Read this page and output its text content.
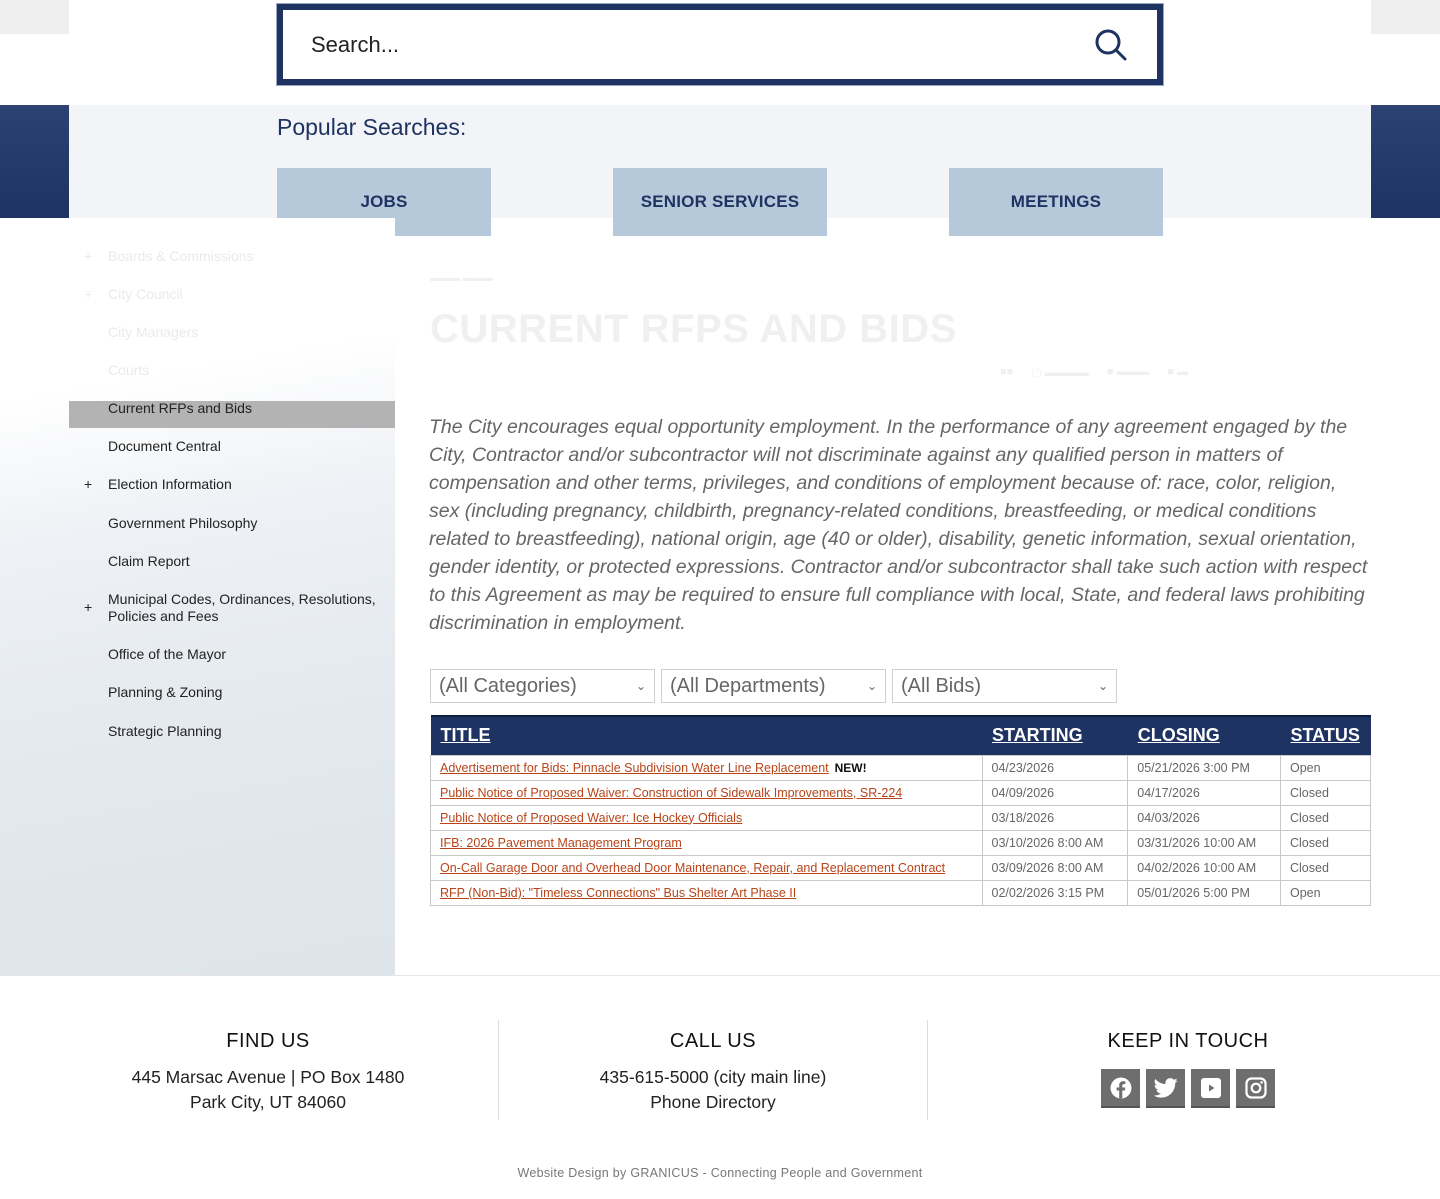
Search...
Popular Searches:
JOBS	SENIOR SERVICES	MEETINGS
+ Boards & Commissions
+ City Council
City Managers
Courts
Current RFPs and Bids
Document Central
+ Election Information
Government Philosophy
Claim Report
+ Municipal Codes, Ordinances, Resolutions,
Policies and Fees
Office of the Mayor
Planning & Zoning
Strategic Planning
▬▬▬ ▬▬▬
CURRENT RFPS AND BIDS
■■ ▢ ▬▬▬▬ ■ ▬▬▬ ■ ▬

The City encourages equal opportunity employment. In the performance of any agreement engaged by the City, Contractor and/or subcontractor will not discriminate against any qualified person in matters of compensation and other terms, privileges, and conditions of employment because of: race, color, religion, sex (including pregnancy, childbirth, pregnancy-related conditions, breastfeeding, or medical conditions related to breastfeeding), national origin, age (40 or older), disability, genetic information, sexual orientation, gender identity, or protected expressions. Contractor and/or subcontractor shall take such action with respect to this Agreement as may be required to ensure full compliance with local, State, and federal laws prohibiting discrimination in employment.

(All Categories)	⌄ (All Departments)	⌄ (All Bids)	⌄
TITLE	STARTING	CLOSING	STATUS
Advertisement for Bids: Pinnacle Subdivision Water Line Replacement NEW!	04/23/2026	05/21/2026 3:00 PM	Open
Public Notice of Proposed Waiver: Construction of Sidewalk Improvements, SR-224	04/09/2026	04/17/2026	Closed
Public Notice of Proposed Waiver: Ice Hockey Officials	03/18/2026	04/03/2026	Closed
IFB: 2026 Pavement Management Program	03/10/2026 8:00 AM	03/31/2026 10:00 AM	Closed
On-Call Garage Door and Overhead Door Maintenance, Repair, and Replacement Contract	03/09/2026 8:00 AM	04/02/2026 10:00 AM	Closed
RFP (Non-Bid): "Timeless Connections" Bus Shelter Art Phase II	02/02/2026 3:15 PM	05/01/2026 5:00 PM	Open
FIND US
445 Marsac Avenue | PO Box 1480
Park City, UT 84060
CALL US
435-615-5000 (city main line)
Phone Directory
KEEP IN TOUCH
Website Design by GRANICUS - Connecting People and Government
